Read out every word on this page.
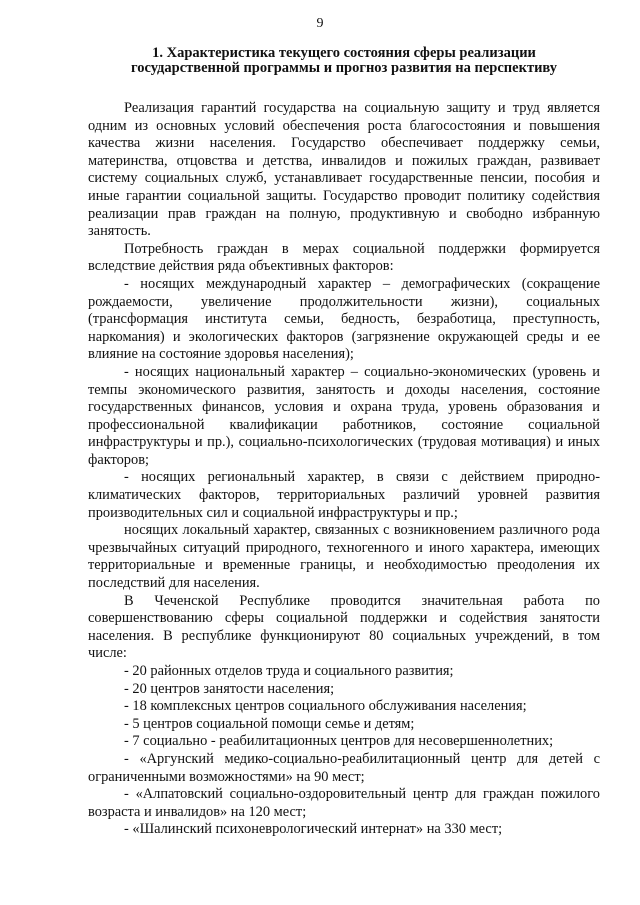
9
1. Характеристика текущего состояния сферы реализации
государственной программы и прогноз развития на перспективу

Реализация гарантий государства на социальную защиту и труд является одним из основных условий обеспечения роста благосостояния и повышения качества жизни населения. Государство обеспечивает поддержку семьи, материнства, отцовства и детства, инвалидов и пожилых граждан, развивает систему социальных служб, устанавливает государственные пенсии, пособия и иные гарантии социальной защиты. Государство проводит политику содействия реализации прав граждан на полную, продуктивную и свободно избранную занятость.

Потребность граждан в мерах социальной поддержки формируется вследствие действия ряда объективных факторов:

- носящих международный характер – демографических (сокращение рождаемости, увеличение продолжительности жизни), социальных (трансформация института семьи, бедность, безработица, преступность, наркомания) и экологических факторов (загрязнение окружающей среды и ее влияние на состояние здоровья населения);

- носящих национальный характер – социально-экономических (уровень и темпы экономического развития, занятость и доходы населения, состояние государственных финансов, условия и охрана труда, уровень образования и профессиональной квалификации работников, состояние социальной инфраструктуры и пр.), социально-психологических (трудовая мотивация) и иных факторов;

- носящих региональный характер, в связи с действием природно-климатических факторов, территориальных различий уровней развития производительных сил и социальной инфраструктуры и пр.;

носящих локальный характер, связанных с возникновением различного рода чрезвычайных ситуаций природного, техногенного и иного характера, имеющих территориальные и временные границы, и необходимостью преодоления их последствий для населения.

В Чеченской Республике проводится значительная работа по совершенствованию сферы социальной поддержки и содействия занятости населения. В республике функционируют 80 социальных учреждений, в том числе:

- 20 районных отделов труда и социального развития;

- 20 центров занятости населения;

- 18 комплексных центров социального обслуживания населения;

- 5 центров социальной помощи семье и детям;

- 7 социально - реабилитационных центров для несовершеннолетних;

- «Аргунский медико-социально-реабилитационный центр для детей с ограниченными возможностями» на 90 мест;

- «Алпатовский социально-оздоровительный центр для граждан пожилого возраста и инвалидов» на 120 мест;

- «Шалинский психоневрологический интернат» на 330 мест;
